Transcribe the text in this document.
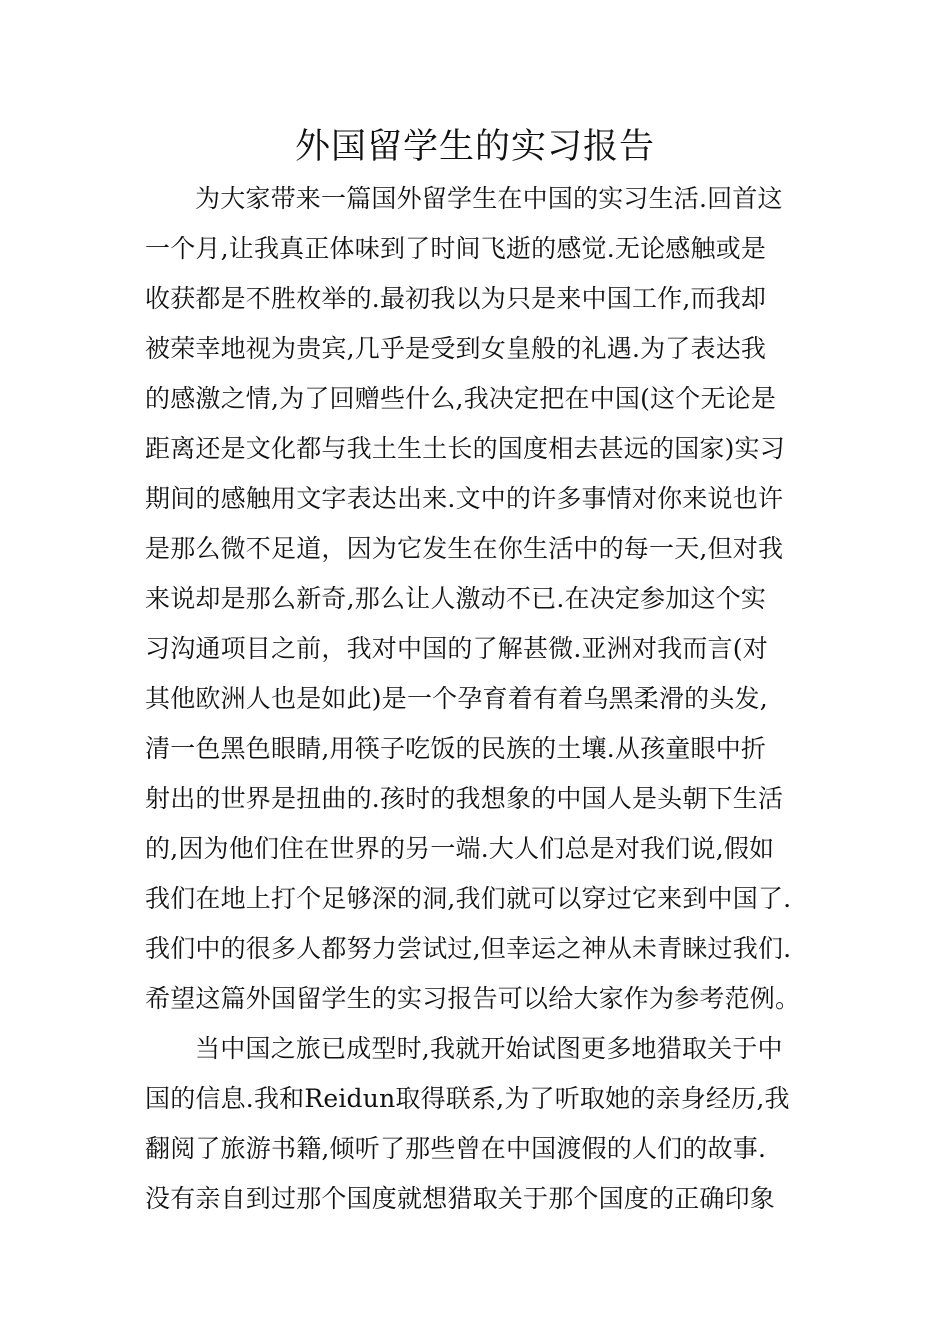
外国留学生的实习报告
为大家带来一篇国外留学生在中国的实习生活.回首这
一个月,让我真正体味到了时间飞逝的感觉.无论感触或是
收获都是不胜枚举的.最初我以为只是来中国工作,而我却
被荣幸地视为贵宾,几乎是受到女皇般的礼遇.为了表达我
的感激之情,为了回赠些什么,我决定把在中国(这个无论是
距离还是文化都与我土生土长的国度相去甚远的国家)实习
期间的感触用文字表达出来.文中的许多事情对你来说也许
是那么微不足道，因为它发生在你生活中的每一天,但对我
来说却是那么新奇,那么让人激动不已.在决定参加这个实
习沟通项目之前，我对中国的了解甚微.亚洲对我而言(对
其他欧洲人也是如此)是一个孕育着有着乌黑柔滑的头发,
清一色黑色眼睛,用筷子吃饭的民族的土壤.从孩童眼中折
射出的世界是扭曲的.孩时的我想象的中国人是头朝下生活
的,因为他们住在世界的另一端.大人们总是对我们说,假如
我们在地上打个足够深的洞,我们就可以穿过它来到中国了.
我们中的很多人都努力尝试过,但幸运之神从未青睐过我们.
希望这篇外国留学生的实习报告可以给大家作为参考范例。
当中国之旅已成型时,我就开始试图更多地猎取关于中
国的信息.我和Reidun取得联系,为了听取她的亲身经历,我
翻阅了旅游书籍,倾听了那些曾在中国渡假的人们的故事.
没有亲自到过那个国度就想猎取关于那个国度的正确印象
